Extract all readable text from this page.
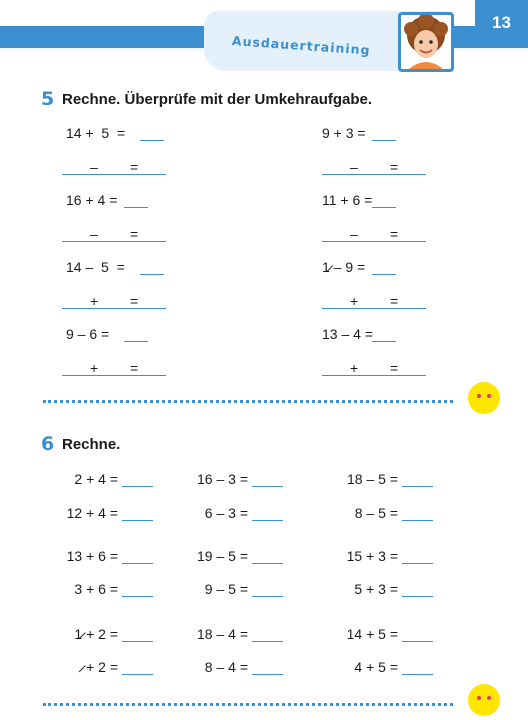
Ausdauertraining
13
5 Rechne. Überprüfe mit der Umkehraufgabe.
14 +  5  =
– =
16 + 4 =
– =
14 –  5  =
+ =
9 – 6 =
+ =
9 + 3 =
– =
11 + 6 =
– =
1̷ – 9 =
+ =
13 – 4 =
+ =
6 Rechne.
2 + 4 =
12 + 4 =
13 + 6 =
3 + 6 =
1̷ + 2 =
̷ + 2 =
16 – 3 =
6 – 3 =
19 – 5 =
9 – 5 =
18 – 4 =
8 – 4 =
18 – 5 =
8 – 5 =
15 + 3 =
5 + 3 =
14 + 5 =
4 + 5 =
